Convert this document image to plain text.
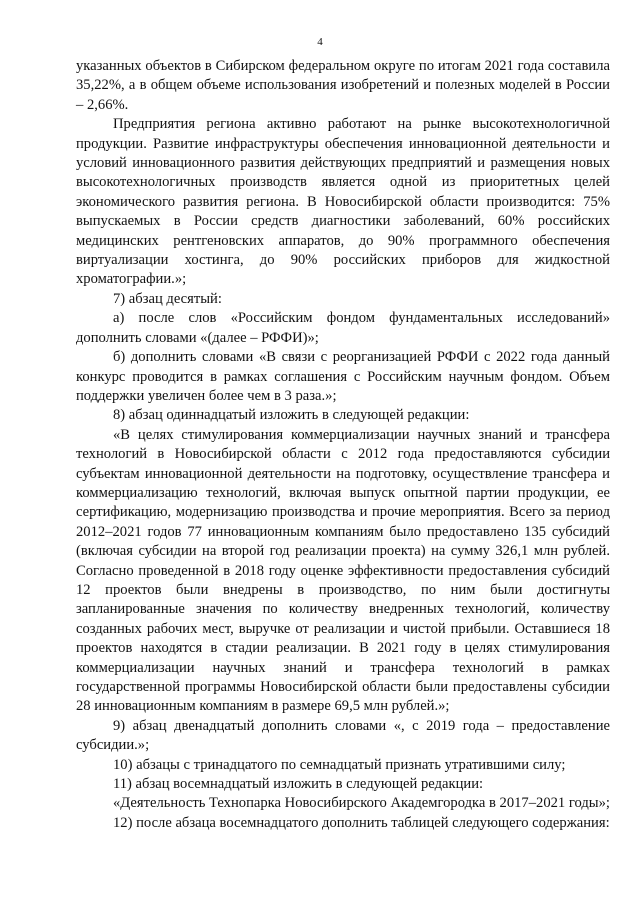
4

указанных объектов в Сибирском федеральном округе по итогам 2021 года составила 35,22%, а в общем объеме использования изобретений и полезных моделей в России – 2,66%.

Предприятия региона активно работают на рынке высокотехнологичной продукции. Развитие инфраструктуры обеспечения инновационной деятельности и условий инновационного развития действующих предприятий и размещения новых высокотехнологичных производств является одной из приоритетных целей экономического развития региона. В Новосибирской области производится: 75% выпускаемых в России средств диагностики заболеваний, 60% российских медицинских рентгеновских аппаратов, до 90% программного обеспечения виртуализации хостинга, до 90% российских приборов для жидкостной хроматографии.»;

7) абзац десятый:

а) после слов «Российским фондом фундаментальных исследований» дополнить словами «(далее – РФФИ)»;

б) дополнить словами «В связи с реорганизацией РФФИ с 2022 года данный конкурс проводится в рамках соглашения с Российским научным фондом. Объем поддержки увеличен более чем в 3 раза.»;

8) абзац одиннадцатый изложить в следующей редакции:

«В целях стимулирования коммерциализации научных знаний и трансфера технологий в Новосибирской области с 2012 года предоставляются субсидии субъектам инновационной деятельности на подготовку, осуществление трансфера и коммерциализацию технологий, включая выпуск опытной партии продукции, ее сертификацию, модернизацию производства и прочие мероприятия. Всего за период 2012–2021 годов 77 инновационным компаниям было предоставлено 135 субсидий (включая субсидии на второй год реализации проекта) на сумму 326,1 млн рублей. Согласно проведенной в 2018 году оценке эффективности предоставления субсидий 12 проектов были внедрены в производство, по ним были достигнуты запланированные значения по количеству внедренных технологий, количеству созданных рабочих мест, выручке от реализации и чистой прибыли. Оставшиеся 18 проектов находятся в стадии реализации. В 2021 году в целях стимулирования коммерциализации научных знаний и трансфера технологий в рамках государственной программы Новосибирской области были предоставлены субсидии 28 инновационным компаниям в размере 69,5 млн рублей.»;

9) абзац двенадцатый дополнить словами «, с 2019 года – предоставление субсидии.»;

10) абзацы с тринадцатого по семнадцатый признать утратившими силу;

11) абзац восемнадцатый изложить в следующей редакции:

«Деятельность Технопарка Новосибирского Академгородка в 2017–2021 годы»;

12) после абзаца восемнадцатого дополнить таблицей следующего содержания:
